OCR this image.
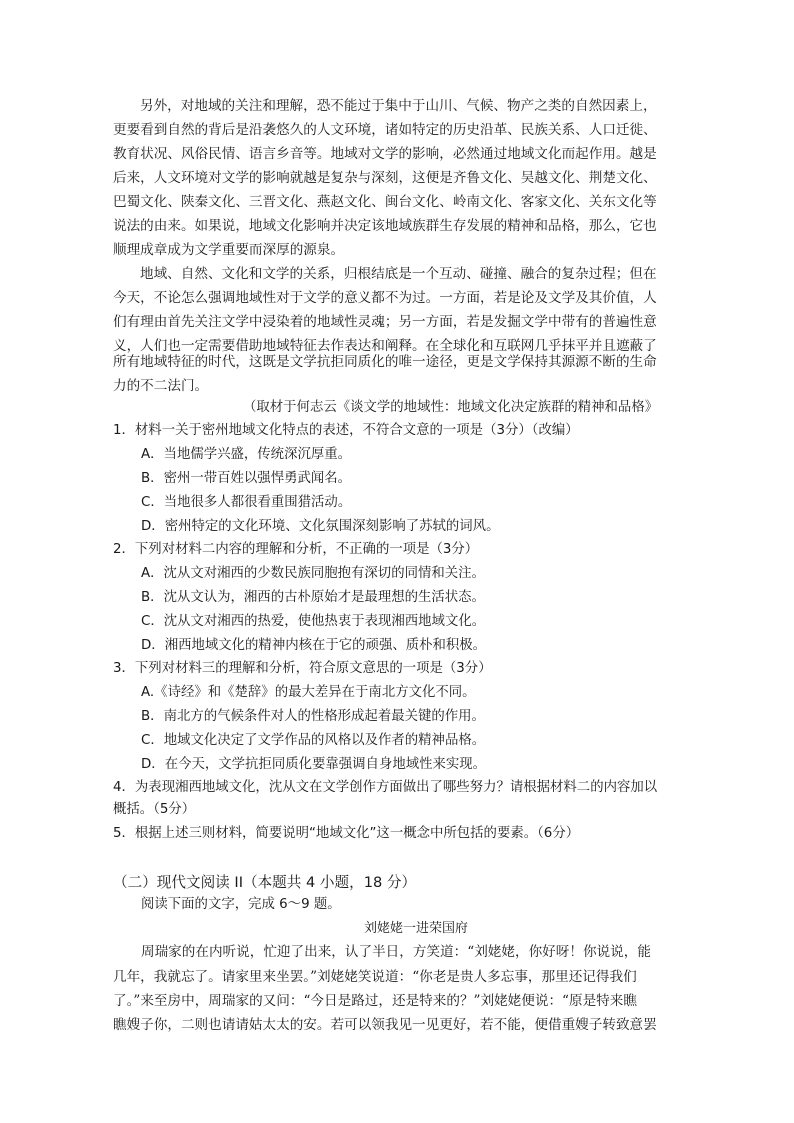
另外，对地域的关注和理解，恐不能过于集中于山川、气候、物产之类的自然因素上，
更要看到自然的背后是沿袭悠久的人文环境，诸如特定的历史沿革、民族关系、人口迁徙、
教育状况、风俗民情、语言乡音等。地域对文学的影响，必然通过地域文化而起作用。越是
后来，人文环境对文学的影响就越是复杂与深刻，这便是齐鲁文化、吴越文化、荆楚文化、
巴蜀文化、陕秦文化、三晋文化、燕赵文化、闽台文化、岭南文化、客家文化、关东文化等
说法的由来。如果说，地域文化影响并决定该地域族群生存发展的精神和品格，那么，它也
顺理成章成为文学重要而深厚的源泉。
地域、自然、文化和文学的关系，归根结底是一个互动、碰撞、融合的复杂过程；但在
今天，不论怎么强调地域性对于文学的意义都不为过。一方面，若是论及文学及其价值，人
们有理由首先关注文学中浸染着的地域性灵魂；另一方面，若是发掘文学中带有的普遍性意
义，人们也一定需要借助地域特征去作表达和阐释。在全球化和互联网几乎抹平并且遮蔽了
所有地域特征的时代，这既是文学抗拒同质化的唯一途径，更是文学保持其源源不断的生命
力的不二法门。
（取材于何志云《谈文学的地域性：地域文化决定族群的精神和品格》
1．材料一关于密州地域文化特点的表述，不符合文意的一项是（3分）（改编）
A．当地儒学兴盛，传统深沉厚重。
B．密州一带百姓以强悍勇武闻名。
C．当地很多人都很看重围猎活动。
D．密州特定的文化环境、文化氛围深刻影响了苏轼的词风。
2．下列对材料二内容的理解和分析，不正确的一项是（3分）
A．沈从文对湘西的少数民族同胞抱有深切的同情和关注。
B．沈从文认为，湘西的古朴原始才是最理想的生活状态。
C．沈从文对湘西的热爱，使他热衷于表现湘西地域文化。
D．湘西地域文化的精神内核在于它的顽强、质朴和积极。
3．下列对材料三的理解和分析，符合原文意思的一项是（3分）
A.《诗经》和《楚辞》的最大差异在于南北方文化不同。
B．南北方的气候条件对人的性格形成起着最关键的作用。
C．地域文化决定了文学作品的风格以及作者的精神品格。
D．在今天，文学抗拒同质化要靠强调自身地域性来实现。
4．为表现湘西地域文化，沈从文在文学创作方面做出了哪些努力？请根据材料二的内容加以
概括。（5分）
5．根据上述三则材料，简要说明“地域文化”这一概念中所包括的要素。（6分）
（二）现代文阅读 II（本题共 4 小题，18 分）
阅读下面的文字，完成 6～9 题。
刘姥姥一进荣国府
周瑞家的在内听说，忙迎了出来，认了半日，方笑道：“刘姥姥，你好呀！你说说，能
几年，我就忘了。请家里来坐罢。”刘姥姥笑说道：“你老是贵人多忘事，那里还记得我们
了。”来至房中，周瑞家的又问：“今日是路过，还是特来的？”刘姥姥便说：“原是特来瞧
瞧嫂子你，二则也请请姑太太的安。若可以领我见一见更好，若不能，便借重嫂子转致意罢
